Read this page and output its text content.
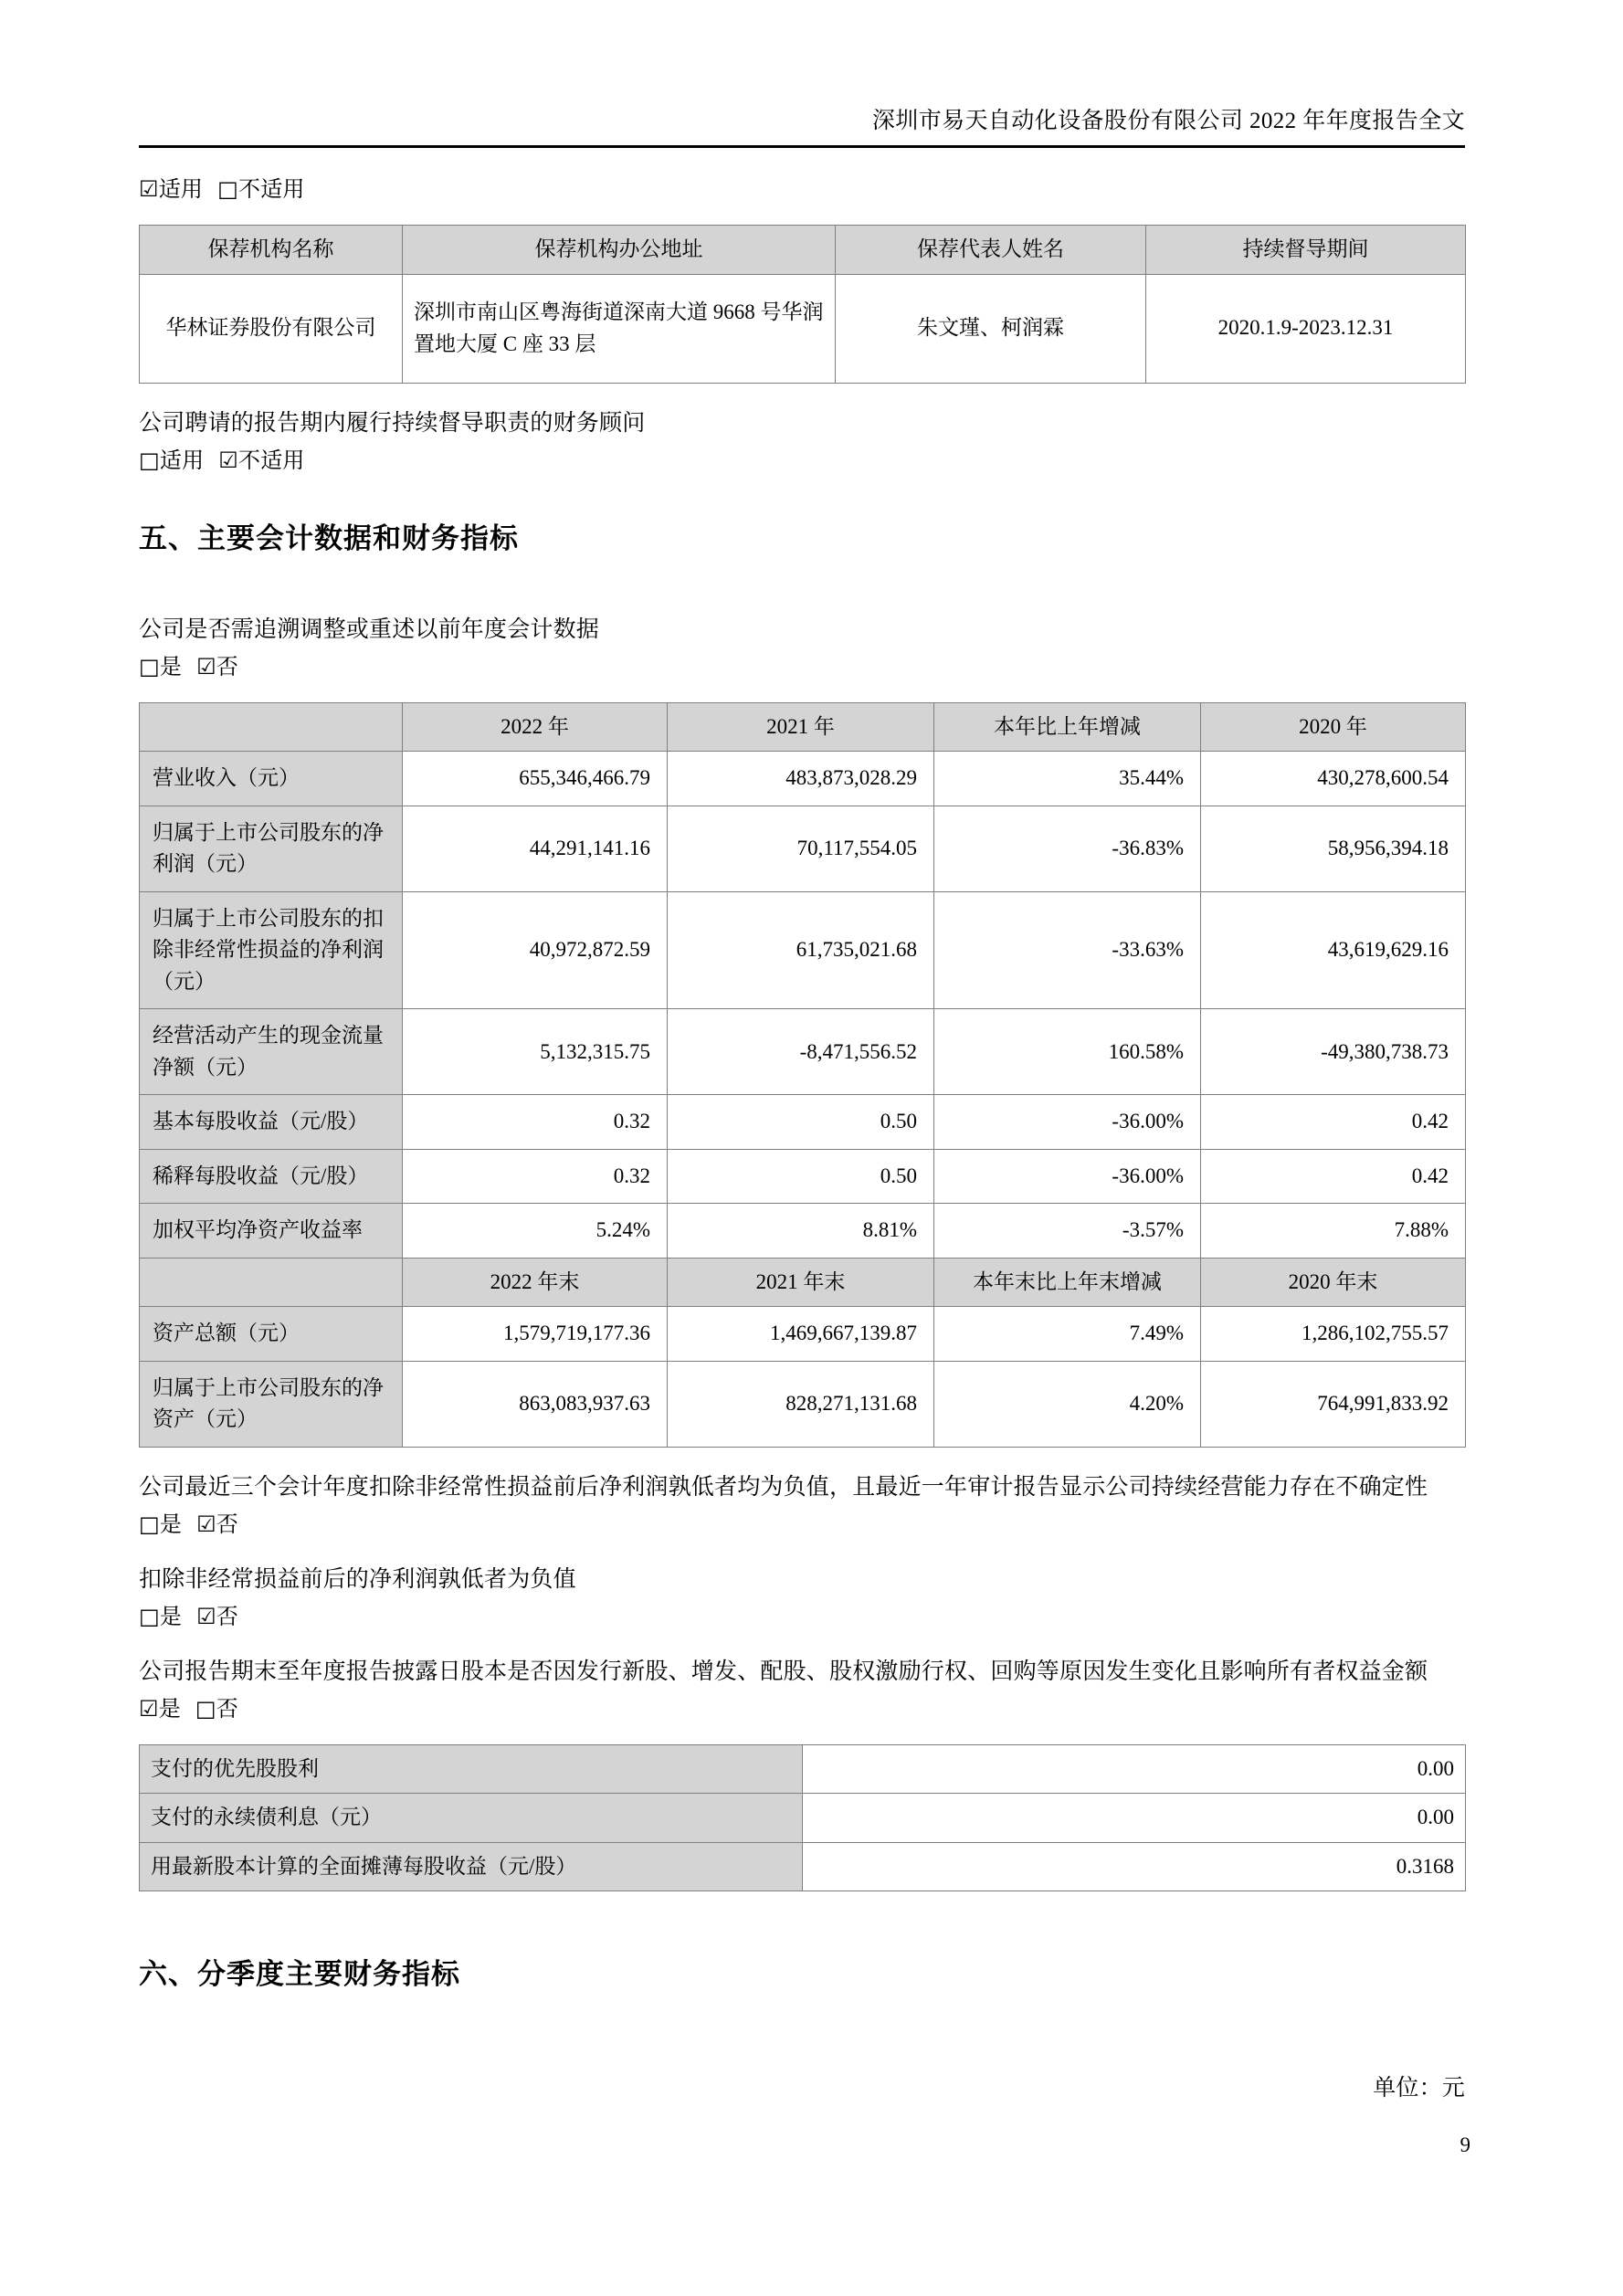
深圳市易天自动化设备股份有限公司 2022 年年度报告全文

☑适用 □不适用

保荐机构名称	保荐机构办公地址	保荐代表人姓名	持续督导期间
华林证券股份有限公司	深圳市南山区粤海街道深南大道 9668 号华润置地大厦 C 座 33 层	朱文瑾、柯润霖	2020.1.9-2023.12.31

公司聘请的报告期内履行持续督导职责的财务顾问

□适用 ☑不适用

五、主要会计数据和财务指标

公司是否需追溯调整或重述以前年度会计数据

□是 ☑否

	2022 年	2021 年	本年比上年增减	2020 年
营业收入（元）	655,346,466.79	483,873,028.29	35.44%	430,278,600.54
归属于上市公司股东的净利润（元）	44,291,141.16	70,117,554.05	-36.83%	58,956,394.18
归属于上市公司股东的扣除非经常性损益的净利润（元）	40,972,872.59	61,735,021.68	-33.63%	43,619,629.16
经营活动产生的现金流量净额（元）	5,132,315.75	-8,471,556.52	160.58%	-49,380,738.73
基本每股收益（元/股）	0.32	0.50	-36.00%	0.42
稀释每股收益（元/股）	0.32	0.50	-36.00%	0.42
加权平均净资产收益率	5.24%	8.81%	-3.57%	7.88%
	2022 年末	2021 年末	本年末比上年末增减	2020 年末
资产总额（元）	1,579,719,177.36	1,469,667,139.87	7.49%	1,286,102,755.57
归属于上市公司股东的净资产（元）	863,083,937.63	828,271,131.68	4.20%	764,991,833.92

公司最近三个会计年度扣除非经常性损益前后净利润孰低者均为负值，且最近一年审计报告显示公司持续经营能力存在不确定性

□是 ☑否

扣除非经常损益前后的净利润孰低者为负值

□是 ☑否

公司报告期末至年度报告披露日股本是否因发行新股、增发、配股、股权激励行权、回购等原因发生变化且影响所有者权益金额

☑是 □否

支付的优先股股利	0.00
支付的永续债利息（元）	0.00
用最新股本计算的全面摊薄每股收益（元/股）	0.3168
六、分季度主要财务指标

单位：元

9
